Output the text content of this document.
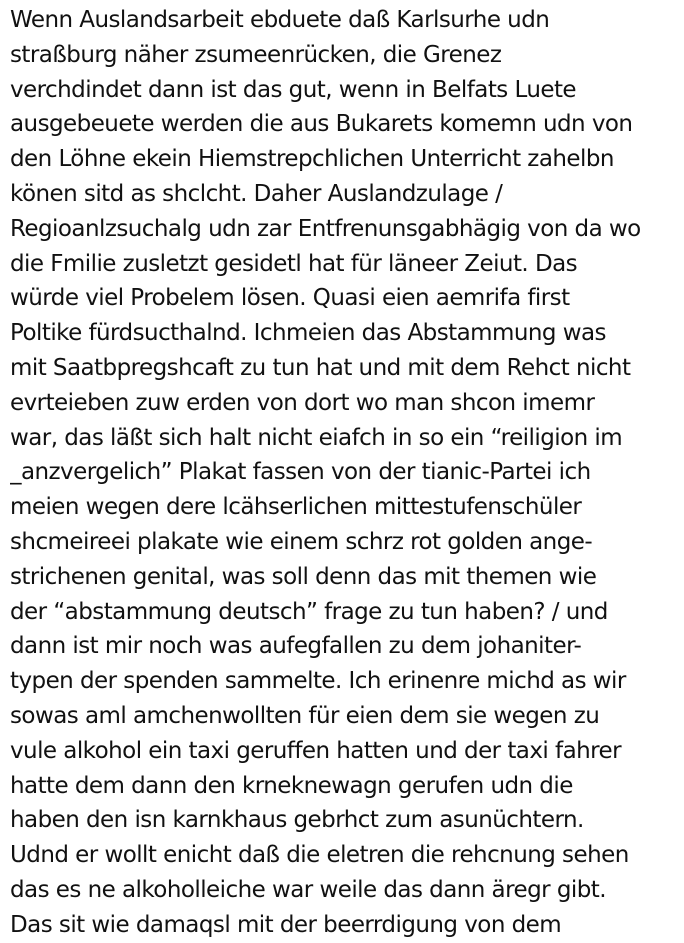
Wenn Auslandsarbeit ebduete daß Karlsurhe udn
straßburg näher zsumeenrücken, die Grenez
verchdindet dann ist das gut, wenn in Belfats Luete
ausgebeuete werden die aus Bukarets komemn udn von
den Löhne ekein Hiemstrepchlichen Unterricht zahelbn
könen sitd as shclcht. Daher Auslandzulage /
Regioanlzsuchalg udn zar Entfrenunsgabhägig von da wo
die Fmilie zusletzt gesidetl hat für läneer Zeiut. Das
würde viel Probelem lösen. Quasi eien aemrifa first
Poltike fürdsucthalnd. Ichmeien das Abstammung was
mit Saatbpregshcaft zu tun hat und mit dem Rehct nicht
evrteieben zuw erden von dort wo man shcon imemr
war, das läßt sich halt nicht eiafch in so ein “reiligion im
_anzvergelich” Plakat fassen von der tianic-Partei ich
meien wegen dere lcähserlichen mittestufenschüler
shcmeireei plakate wie einem schrz rot golden ange-
strichenen genital, was soll denn das mit themen wie
der “abstammung deutsch” frage zu tun haben? / und
dann ist mir noch was aufegfallen zu dem johaniter-
typen der spenden sammelte. Ich erinenre michd as wir
sowas aml amchenwollten für eien dem sie wegen zu
vule alkohol ein taxi geruffen hatten und der taxi fahrer
hatte dem dann den krneknewagn gerufen udn die
haben den isn karnkhaus gebrhct zum asunüchtern.
Udnd er wollt enicht daß die eletren die rehcnung sehen
das es ne alkoholleiche war weile das dann äregr gibt.
Das sit wie damaqsl mit der beerrdigung von dem
